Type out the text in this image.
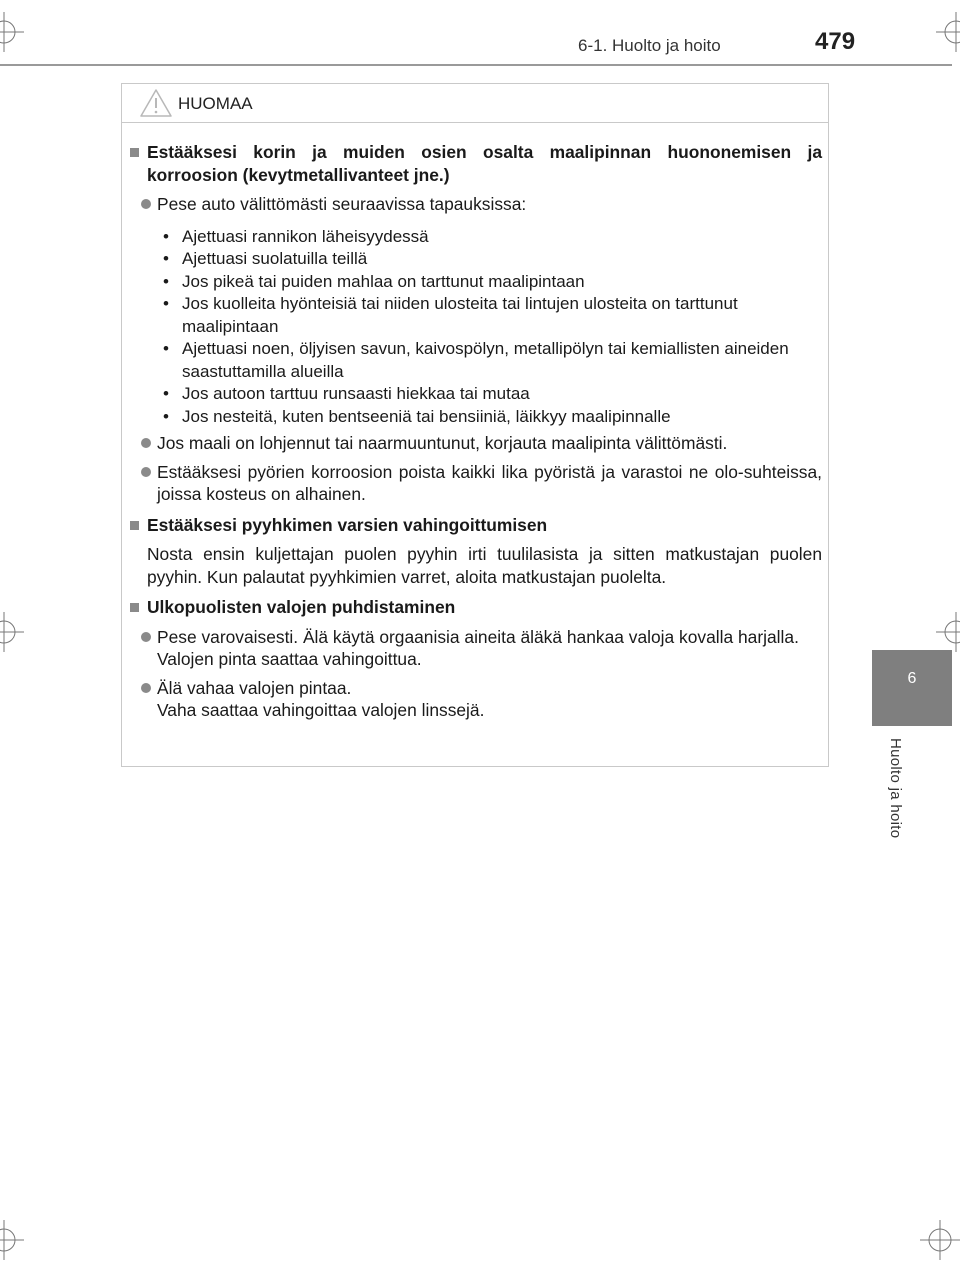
6-1. Huolto ja hoito	479
6
Huolto ja hoito
HUOMAA
Estääksesi korin ja muiden osien osalta maalipinnan huononemisen ja korroosion (kevytmetallivanteet jne.)
Pese auto välittömästi seuraavissa tapauksissa:
• Ajettuasi rannikon läheisyydessä
• Ajettuasi suolatuilla teillä
• Jos pikeä tai puiden mahlaa on tarttunut maalipintaan
• Jos kuolleita hyönteisiä tai niiden ulosteita tai lintujen ulosteita on tarttunut maalipintaan
• Ajettuasi noen, öljyisen savun, kaivospölyn, metallipölyn tai kemiallisten aineiden saastuttamilla alueilla
• Jos autoon tarttuu runsaasti hiekkaa tai mutaa
• Jos nesteitä, kuten bentseeniä tai bensiiniä, läikkyy maalipinnalle
Jos maali on lohjennut tai naarmuuntunut, korjauta maalipinta välittömästi.
Estääksesi pyörien korroosion poista kaikki lika pyöristä ja varastoi ne olo-suhteissa, joissa kosteus on alhainen.
Estääksesi pyyhkimen varsien vahingoittumisen
Nosta ensin kuljettajan puolen pyyhin irti tuulilasista ja sitten matkustajan puolen pyyhin. Kun palautat pyyhkimien varret, aloita matkustajan puolelta.
Ulkopuolisten valojen puhdistaminen
Pese varovaisesti. Älä käytä orgaanisia aineita äläkä hankaa valoja kovalla harjalla.
Valojen pinta saattaa vahingoittua.
Älä vahaa valojen pintaa.
Vaha saattaa vahingoittaa valojen linssejä.
